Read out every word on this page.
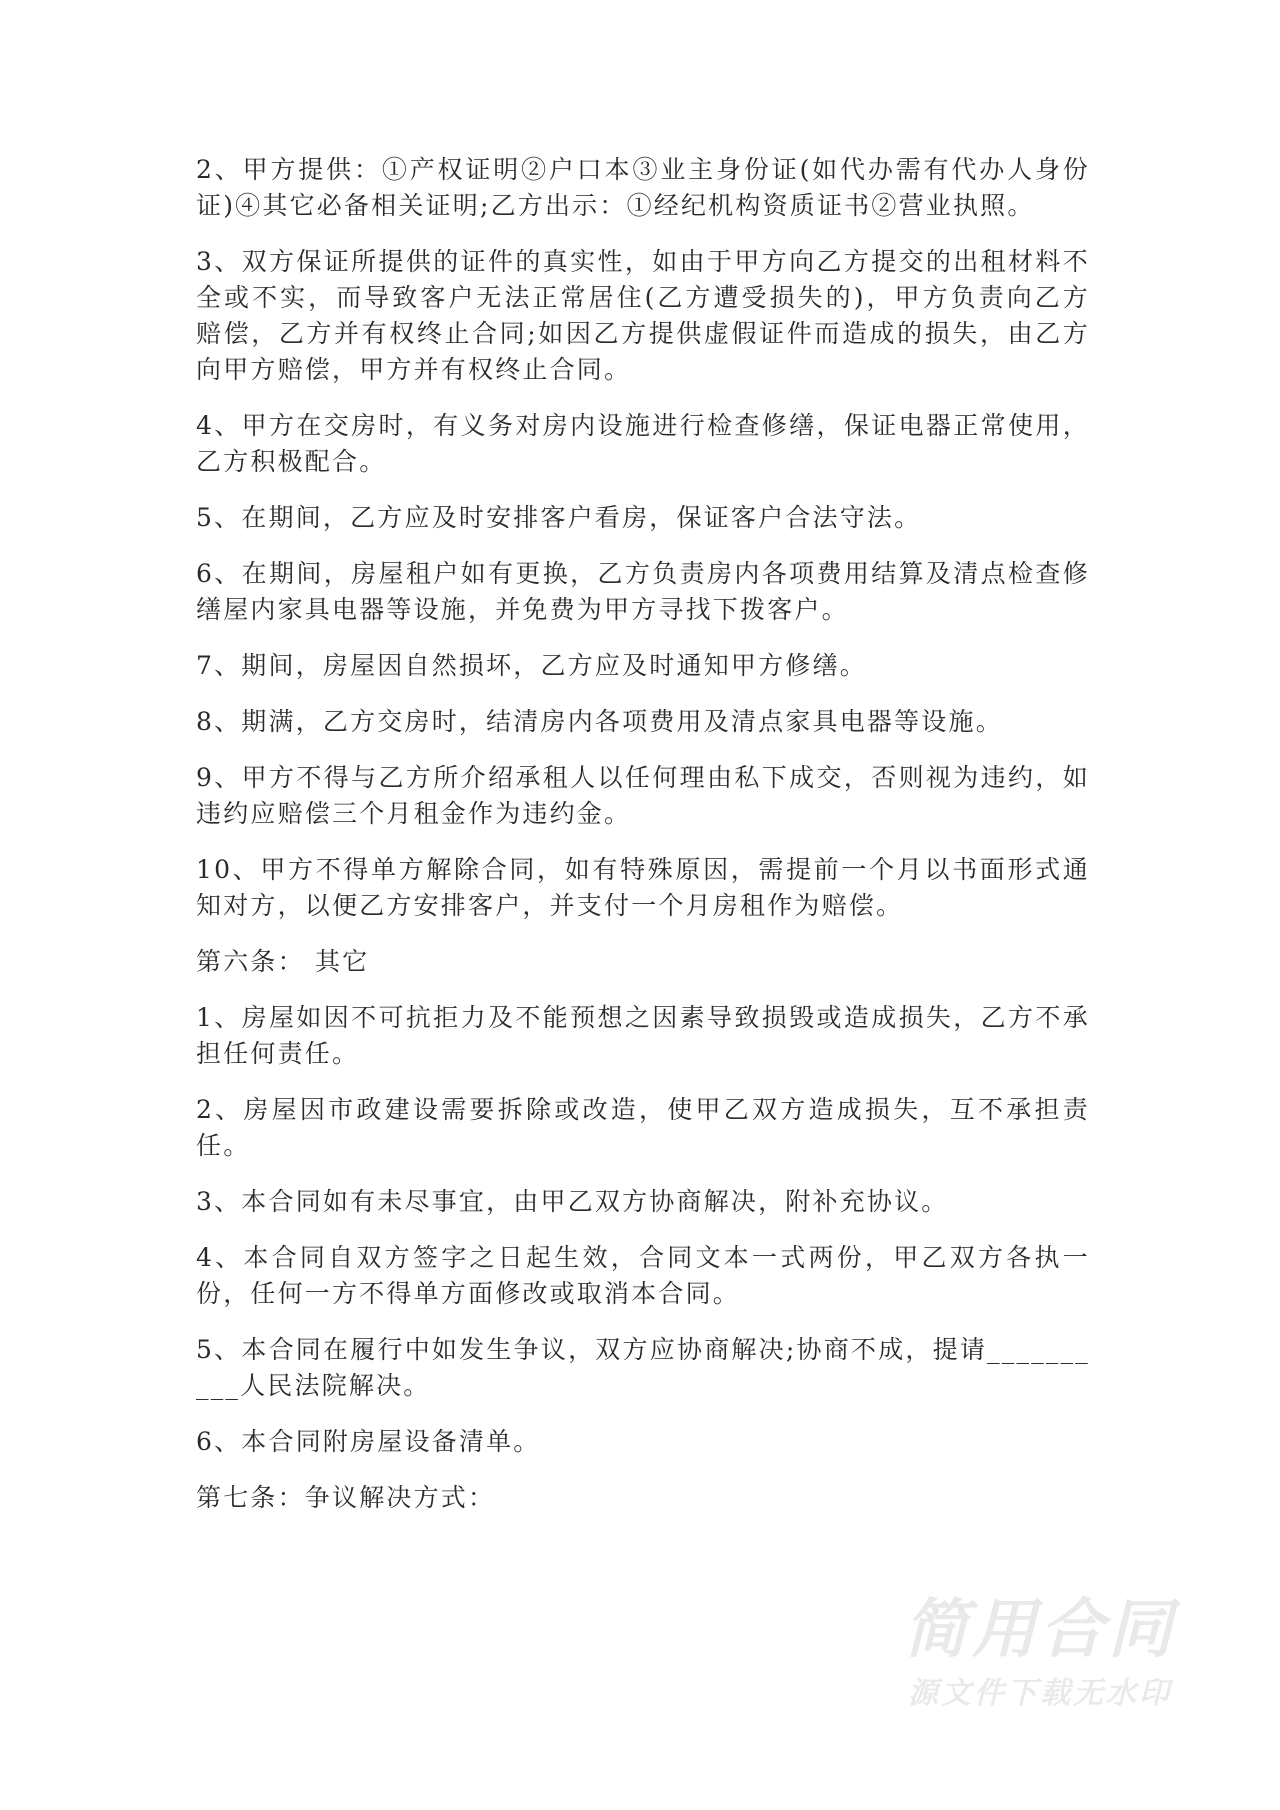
2、甲方提供：①产权证明②户口本③业主身份证(如代办需有代办人身份证)④其它必备相关证明;乙方出示：①经纪机构资质证书②营业执照。

3、双方保证所提供的证件的真实性，如由于甲方向乙方提交的出租材料不全或不实，而导致客户无法正常居住(乙方遭受损失的)，甲方负责向乙方赔偿，乙方并有权终止合同;如因乙方提供虚假证件而造成的损失，由乙方向甲方赔偿，甲方并有权终止合同。

4、甲方在交房时，有义务对房内设施进行检查修缮，保证电器正常使用，乙方积极配合。

5、在期间，乙方应及时安排客户看房，保证客户合法守法。

6、在期间，房屋租户如有更换，乙方负责房内各项费用结算及清点检查修缮屋内家具电器等设施，并免费为甲方寻找下拨客户。

7、期间，房屋因自然损坏，乙方应及时通知甲方修缮。

8、期满，乙方交房时，结清房内各项费用及清点家具电器等设施。

9、甲方不得与乙方所介绍承租人以任何理由私下成交，否则视为违约，如违约应赔偿三个月租金作为违约金。

10、甲方不得单方解除合同，如有特殊原因，需提前一个月以书面形式通知对方，以便乙方安排客户，并支付一个月房租作为赔偿。

第六条： 其它

1、房屋如因不可抗拒力及不能预想之因素导致损毁或造成损失，乙方不承担任何责任。

2、房屋因市政建设需要拆除或改造，使甲乙双方造成损失，互不承担责任。

3、本合同如有未尽事宜，由甲乙双方协商解决，附补充协议。

4、本合同自双方签字之日起生效，合同文本一式两份，甲乙双方各执一份，任何一方不得单方面修改或取消本合同。

5、本合同在履行中如发生争议，双方应协商解决;协商不成，提请__________人民法院解决。

6、本合同附房屋设备清单。

第七条：争议解决方式：

简用合同
源文件下载无水印
